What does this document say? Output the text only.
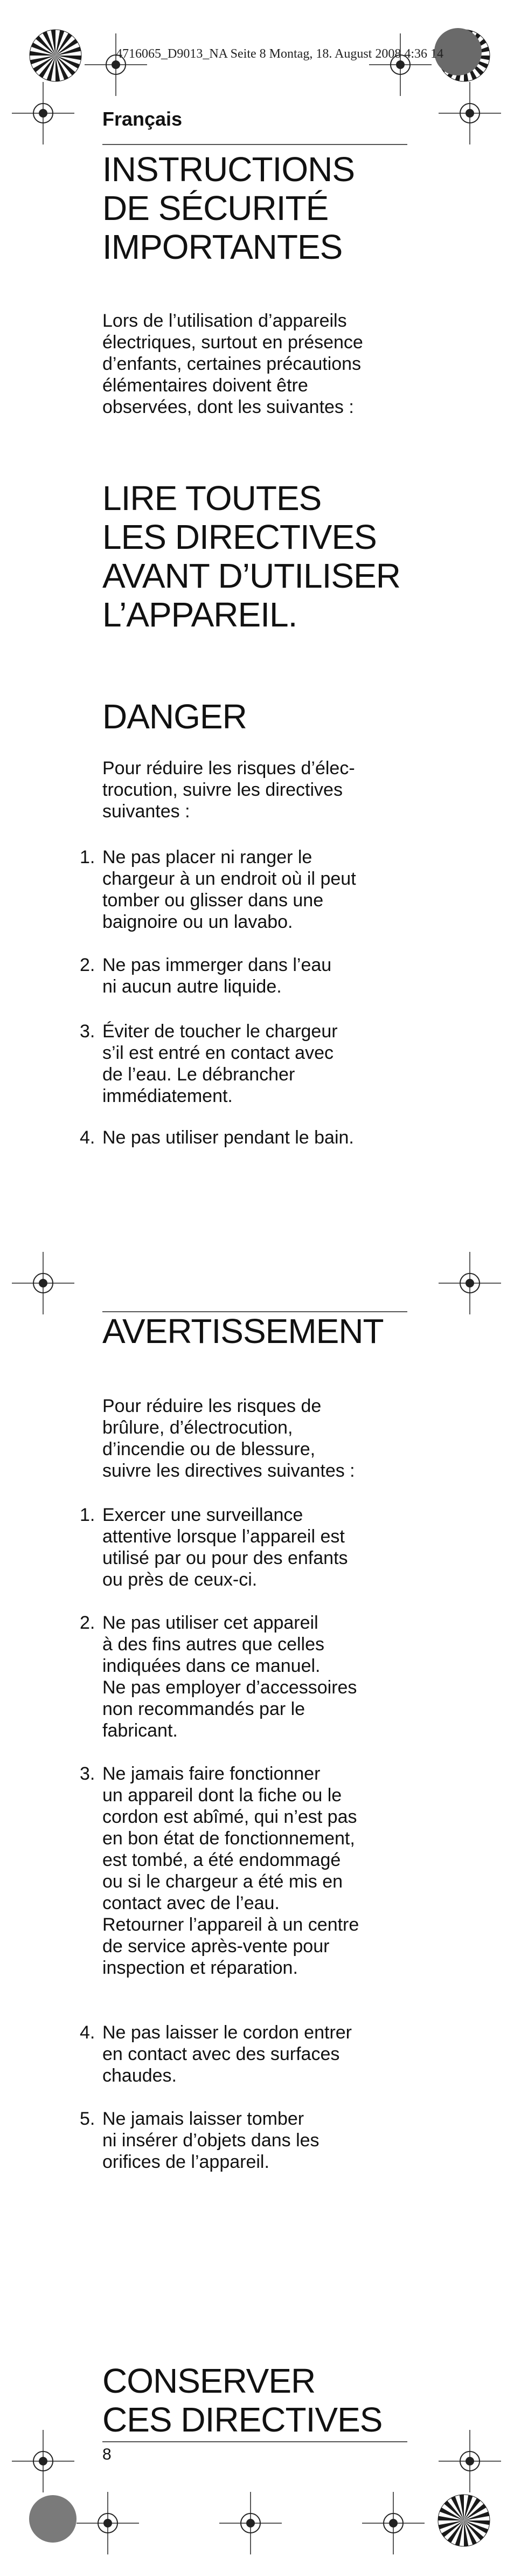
4716065_D9013_NA Seite 8 Montag, 18. August 2008 4:36 14
Français
INSTRUCTIONS
DE SÉCURITÉ
IMPORTANTES
Lors de l’utilisation d’appareils
électriques, surtout en présence
d’enfants, certaines précautions
élémentaires doivent être
observées, dont les suivantes :
LIRE TOUTES
LES DIRECTIVES
AVANT D’UTILISER
L’APPAREIL.
DANGER
Pour réduire les risques d’élec-
trocution, suivre les directives
suivantes :
1. Ne pas placer ni ranger le
chargeur à un endroit où il peut
tomber ou glisser dans une
baignoire ou un lavabo.
2. Ne pas immerger dans l’eau
ni aucun autre liquide.
3. Éviter de toucher le chargeur
s’il est entré en contact avec
de l’eau. Le débrancher
immédiatement.
4. Ne pas utiliser pendant le bain.
AVERTISSEMENT
Pour réduire les risques de
brûlure, d’électrocution,
d’incendie ou de blessure,
suivre les directives suivantes :
1. Exercer une surveillance
attentive lorsque l’appareil est
utilisé par ou pour des enfants
ou près de ceux-ci.
2. Ne pas utiliser cet appareil
à des fins autres que celles
indiquées dans ce manuel.
Ne pas employer d’accessoires
non recommandés par le
fabricant.
3. Ne jamais faire fonctionner
un appareil dont la fiche ou le
cordon est abîmé, qui n’est pas
en bon état de fonctionnement,
est tombé, a été endommagé
ou si le chargeur a été mis en
contact avec de l’eau.
Retourner l’appareil à un centre
de service après-vente pour
inspection et réparation.
4. Ne pas laisser le cordon entrer
en contact avec des surfaces
chaudes.
5. Ne jamais laisser tomber
ni insérer d’objets dans les
orifices de l’appareil.
CONSERVER
CES DIRECTIVES
8
